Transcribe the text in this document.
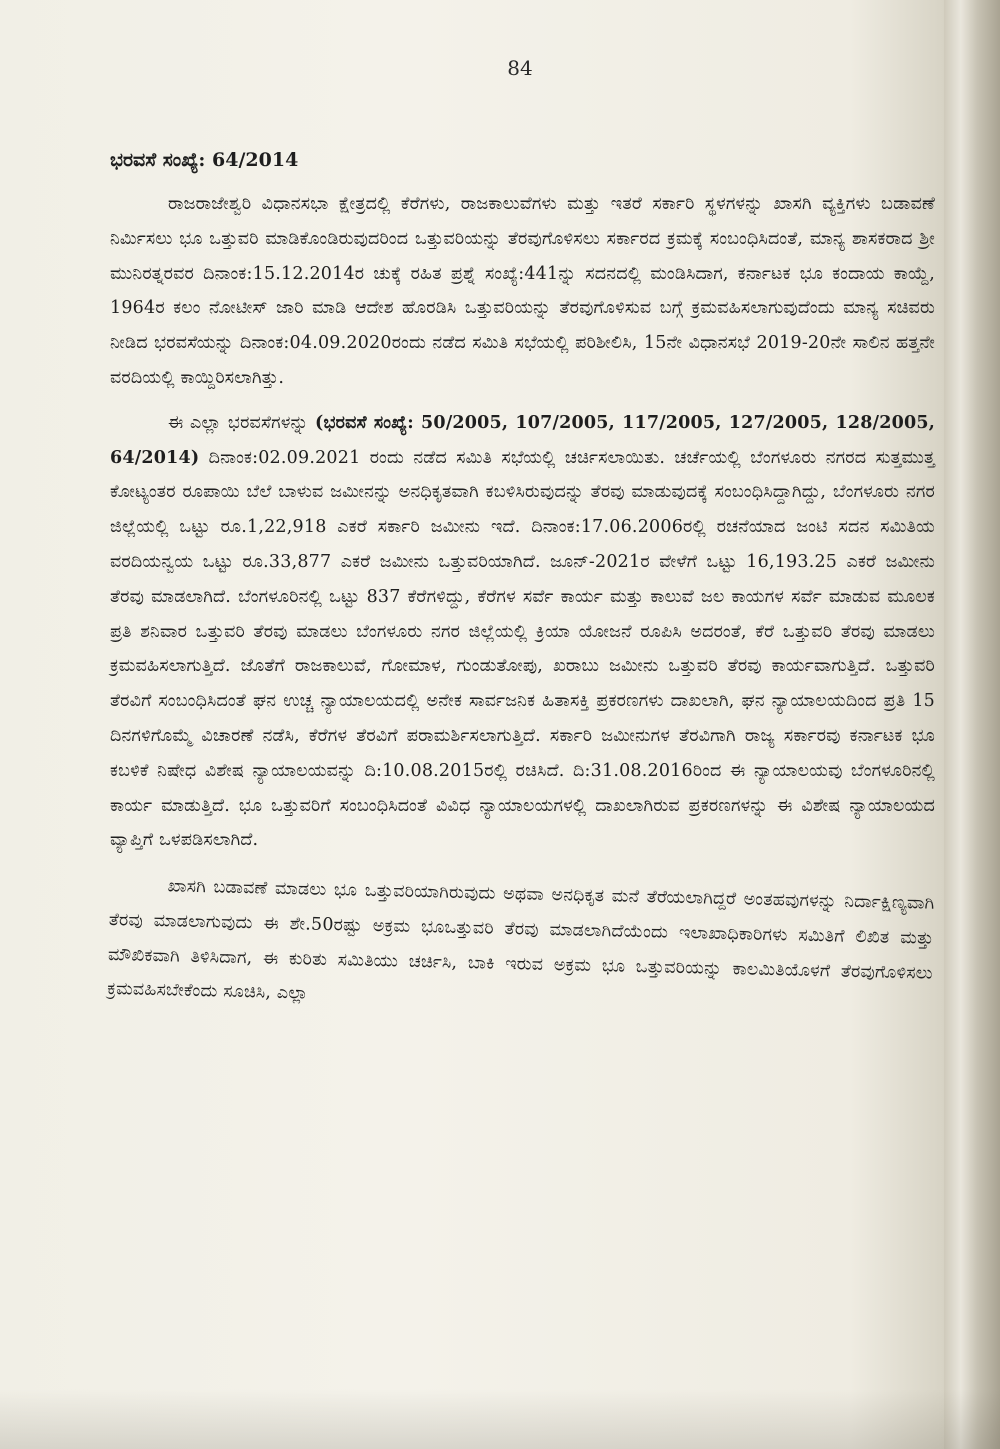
84
ಭರವಸೆ ಸಂಖ್ಯೆ: 64/2014

ರಾಜರಾಜೇಶ್ವರಿ ವಿಧಾನಸಭಾ ಕ್ಷೇತ್ರದಲ್ಲಿ ಕೆರೆಗಳು, ರಾಜಕಾಲುವೆಗಳು ಮತ್ತು ಇತರೆ ಸರ್ಕಾರಿ ಸ್ಥಳಗಳನ್ನು ಖಾಸಗಿ ವ್ಯಕ್ತಿಗಳು ಬಡಾವಣೆ ನಿರ್ಮಿಸಲು ಭೂ ಒತ್ತುವರಿ ಮಾಡಿಕೊಂಡಿರುವುದರಿಂದ ಒತ್ತುವರಿಯನ್ನು ತೆರವುಗೊಳಿಸಲು ಸರ್ಕಾರದ ಕ್ರಮಕ್ಕೆ ಸಂಬಂಧಿಸಿದಂತೆ, ಮಾನ್ಯ ಶಾಸಕರಾದ ಶ್ರೀ ಮುನಿರತ್ನರವರ ದಿನಾಂಕ:15.12.2014ರ ಚುಕ್ಕೆ ರಹಿತ ಪ್ರಶ್ನೆ ಸಂಖ್ಯೆ:441ನ್ನು ಸದನದಲ್ಲಿ ಮಂಡಿಸಿದಾಗ, ಕರ್ನಾಟಕ ಭೂ ಕಂದಾಯ ಕಾಯ್ದೆ, 1964ರ ಕಲಂ ನೋಟೀಸ್ ಜಾರಿ ಮಾಡಿ ಆದೇಶ ಹೊರಡಿಸಿ ಒತ್ತುವರಿಯನ್ನು ತೆರವುಗೊಳಿಸುವ ಬಗ್ಗೆ ಕ್ರಮವಹಿಸಲಾಗುವುದೆಂದು ಮಾನ್ಯ ಸಚಿವರು ನೀಡಿದ ಭರವಸೆಯನ್ನು ದಿನಾಂಕ:04.09.2020ರಂದು ನಡೆದ ಸಮಿತಿ ಸಭೆಯಲ್ಲಿ ಪರಿಶೀಲಿಸಿ, 15ನೇ ವಿಧಾನಸಭೆ 2019-20ನೇ ಸಾಲಿನ ಹತ್ತನೇ ವರದಿಯಲ್ಲಿ ಕಾಯ್ದಿರಿಸಲಾಗಿತ್ತು.

ಈ ಎಲ್ಲಾ ಭರವಸೆಗಳನ್ನು (ಭರವಸೆ ಸಂಖ್ಯೆ: 50/2005, 107/2005, 117/2005, 127/2005, 128/2005, 64/2014) ದಿನಾಂಕ:02.09.2021 ರಂದು ನಡೆದ ಸಮಿತಿ ಸಭೆಯಲ್ಲಿ ಚರ್ಚಿಸಲಾಯಿತು. ಚರ್ಚೆಯಲ್ಲಿ ಬೆಂಗಳೂರು ನಗರದ ಸುತ್ತಮುತ್ತ ಕೋಟ್ಯಂತರ ರೂಪಾಯಿ ಬೆಲೆ ಬಾಳುವ ಜಮೀನನ್ನು ಅನಧಿಕೃತವಾಗಿ ಕಬಳಿಸಿರುವುದನ್ನು ತೆರವು ಮಾಡುವುದಕ್ಕೆ ಸಂಬಂಧಿಸಿದ್ದಾಗಿದ್ದು, ಬೆಂಗಳೂರು ನಗರ ಜಿಲ್ಲೆಯಲ್ಲಿ ಒಟ್ಟು ರೂ.1,22,918 ಎಕರೆ ಸರ್ಕಾರಿ ಜಮೀನು ಇದೆ. ದಿನಾಂಕ:17.06.2006ರಲ್ಲಿ ರಚನೆಯಾದ ಜಂಟಿ ಸದನ ಸಮಿತಿಯ ವರದಿಯನ್ವಯ ಒಟ್ಟು ರೂ.33,877 ಎಕರೆ ಜಮೀನು ಒತ್ತುವರಿಯಾಗಿದೆ. ಜೂನ್-2021ರ ವೇಳೆಗೆ ಒಟ್ಟು 16,193.25 ಎಕರೆ ಜಮೀನು ತೆರವು ಮಾಡಲಾಗಿದೆ. ಬೆಂಗಳೂರಿನಲ್ಲಿ ಒಟ್ಟು 837 ಕೆರೆಗಳಿದ್ದು, ಕೆರೆಗಳ ಸರ್ವೆ ಕಾರ್ಯ ಮತ್ತು ಕಾಲುವೆ ಜಲ ಕಾಯಗಳ ಸರ್ವೆ ಮಾಡುವ ಮೂಲಕ ಪ್ರತಿ ಶನಿವಾರ ಒತ್ತುವರಿ ತೆರವು ಮಾಡಲು ಬೆಂಗಳೂರು ನಗರ ಜಿಲ್ಲೆಯಲ್ಲಿ ಕ್ರಿಯಾ ಯೋಜನೆ ರೂಪಿಸಿ ಅದರಂತೆ, ಕೆರೆ ಒತ್ತುವರಿ ತೆರವು ಮಾಡಲು ಕ್ರಮವಹಿಸಲಾಗುತ್ತಿದೆ. ಜೊತೆಗೆ ರಾಜಕಾಲುವೆ, ಗೋಮಾಳ, ಗುಂಡುತೋಪು, ಖರಾಬು ಜಮೀನು ಒತ್ತುವರಿ ತೆರವು ಕಾರ್ಯವಾಗುತ್ತಿದೆ. ಒತ್ತುವರಿ ತೆರವಿಗೆ ಸಂಬಂಧಿಸಿದಂತೆ ಘನ ಉಚ್ಚ ನ್ಯಾಯಾಲಯದಲ್ಲಿ ಅನೇಕ ಸಾರ್ವಜನಿಕ ಹಿತಾಸಕ್ತಿ ಪ್ರಕರಣಗಳು ದಾಖಲಾಗಿ, ಘನ ನ್ಯಾಯಾಲಯದಿಂದ ಪ್ರತಿ 15 ದಿನಗಳಿಗೊಮ್ಮೆ ವಿಚಾರಣೆ ನಡೆಸಿ, ಕೆರೆಗಳ ತೆರವಿಗೆ ಪರಾಮರ್ಶಿಸಲಾಗುತ್ತಿದೆ. ಸರ್ಕಾರಿ ಜಮೀನುಗಳ ತೆರವಿಗಾಗಿ ರಾಜ್ಯ ಸರ್ಕಾರವು ಕರ್ನಾಟಕ ಭೂ ಕಬಳಿಕೆ ನಿಷೇಧ ವಿಶೇಷ ನ್ಯಾಯಾಲಯವನ್ನು ದಿ:10.08.2015ರಲ್ಲಿ ರಚಿಸಿದೆ. ದಿ:31.08.2016ರಿಂದ ಈ ನ್ಯಾಯಾಲಯವು ಬೆಂಗಳೂರಿನಲ್ಲಿ ಕಾರ್ಯ ಮಾಡುತ್ತಿದೆ. ಭೂ ಒತ್ತುವರಿಗೆ ಸಂಬಂಧಿಸಿದಂತೆ ವಿವಿಧ ನ್ಯಾಯಾಲಯಗಳಲ್ಲಿ ದಾಖಲಾಗಿರುವ ಪ್ರಕರಣಗಳನ್ನು ಈ ವಿಶೇಷ ನ್ಯಾಯಾಲಯದ ವ್ಯಾಪ್ತಿಗೆ ಒಳಪಡಿಸಲಾಗಿದೆ.

ಖಾಸಗಿ ಬಡಾವಣೆ ಮಾಡಲು ಭೂ ಒತ್ತುವರಿಯಾಗಿರುವುದು ಅಥವಾ ಅನಧಿಕೃತ ಮನೆ ತೆರೆಯಲಾಗಿದ್ದರೆ ಅಂತಹವುಗಳನ್ನು ನಿರ್ದಾಕ್ಷಿಣ್ಯವಾಗಿ ತೆರವು ಮಾಡಲಾಗುವುದು ಈ ಶೇ.50ರಷ್ಟು ಅಕ್ರಮ ಭೂಒತ್ತುವರಿ ತೆರವು ಮಾಡಲಾಗಿದೆಯೆಂದು ಇಲಾಖಾಧಿಕಾರಿಗಳು ಸಮಿತಿಗೆ ಲಿಖಿತ ಮತ್ತು ಮೌಖಿಕವಾಗಿ ತಿಳಿಸಿದಾಗ, ಈ ಕುರಿತು ಸಮಿತಿಯು ಚರ್ಚಿಸಿ, ಬಾಕಿ ಇರುವ ಅಕ್ರಮ ಭೂ ಒತ್ತುವರಿಯನ್ನು ಕಾಲಮಿತಿಯೊಳಗೆ ತೆರವುಗೊಳಿಸಲು ಕ್ರಮವಹಿಸಬೇಕೆಂದು ಸೂಚಿಸಿ, ಎಲ್ಲಾ
